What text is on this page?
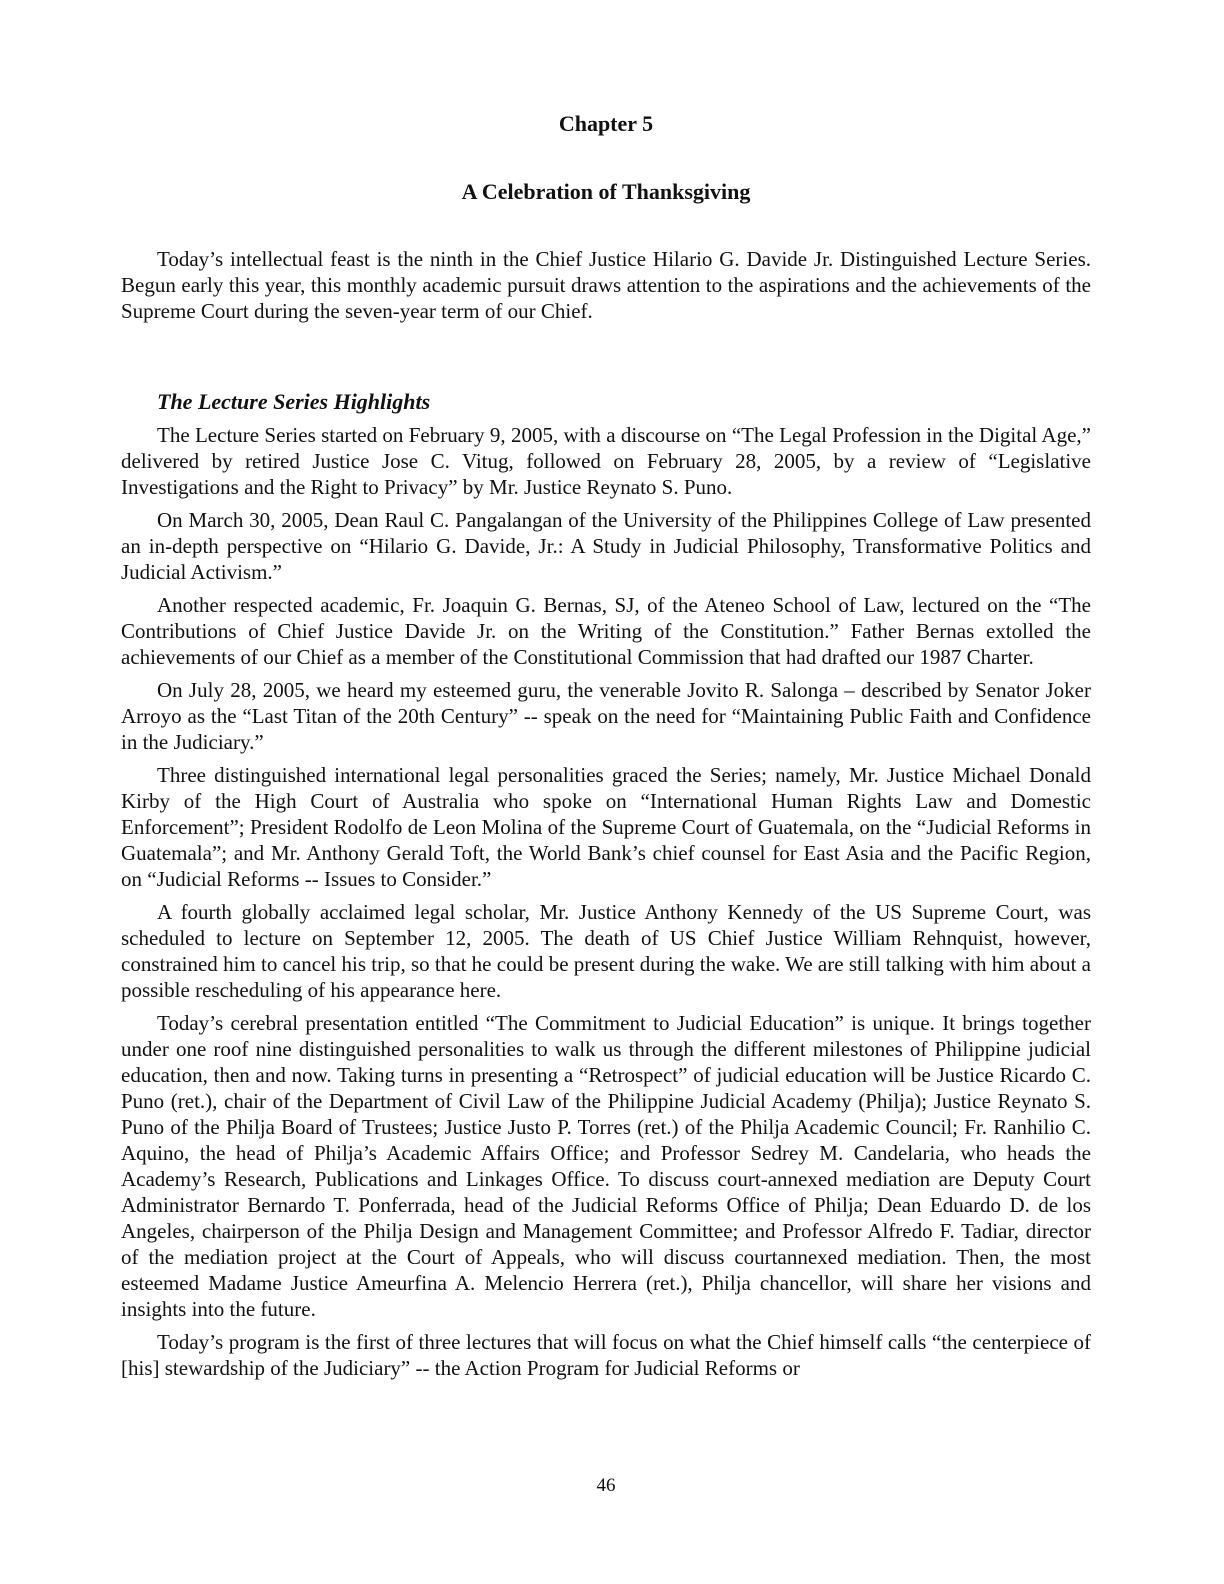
Chapter 5
A Celebration of Thanksgiving

Today’s intellectual feast is the ninth in the Chief Justice Hilario G. Davide Jr. Distinguished Lecture Series. Begun early this year, this monthly academic pursuit draws attention to the aspirations and the achievements of the Supreme Court during the seven-year term of our Chief.

The Lecture Series Highlights

The Lecture Series started on February 9, 2005, with a discourse on “The Legal Profession in the Digital Age,” delivered by retired Justice Jose C. Vitug, followed on February 28, 2005, by a review of “Legislative Investigations and the Right to Privacy” by Mr. Justice Reynato S. Puno.

On March 30, 2005, Dean Raul C. Pangalangan of the University of the Philippines College of Law presented an in-depth perspective on “Hilario G. Davide, Jr.: A Study in Judicial Philosophy, Transformative Politics and Judicial Activism.”

Another respected academic, Fr. Joaquin G. Bernas, SJ, of the Ateneo School of Law, lectured on the “The Contributions of Chief Justice Davide Jr. on the Writing of the Constitution.” Father Bernas extolled the achievements of our Chief as a member of the Constitutional Commission that had drafted our 1987 Charter.

On July 28, 2005, we heard my esteemed guru, the venerable Jovito R. Salonga – described by Senator Joker Arroyo as the “Last Titan of the 20th Century” -- speak on the need for “Maintaining Public Faith and Confidence in the Judiciary.”

Three distinguished international legal personalities graced the Series; namely, Mr. Justice Michael Donald Kirby of the High Court of Australia who spoke on “International Human Rights Law and Domestic Enforcement”; President Rodolfo de Leon Molina of the Supreme Court of Guatemala, on the “Judicial Reforms in Guatemala”; and Mr. Anthony Gerald Toft, the World Bank’s chief counsel for East Asia and the Pacific Region, on “Judicial Reforms -- Issues to Consider.”

A fourth globally acclaimed legal scholar, Mr. Justice Anthony Kennedy of the US Supreme Court, was scheduled to lecture on September 12, 2005. The death of US Chief Justice William Rehnquist, however, constrained him to cancel his trip, so that he could be present during the wake. We are still talking with him about a possible rescheduling of his appearance here.

Today’s cerebral presentation entitled “The Commitment to Judicial Education” is unique. It brings together under one roof nine distinguished personalities to walk us through the different milestones of Philippine judicial education, then and now. Taking turns in presenting a “Retrospect” of judicial education will be Justice Ricardo C. Puno (ret.), chair of the Department of Civil Law of the Philippine Judicial Academy (Philja); Justice Reynato S. Puno of the Philja Board of Trustees; Justice Justo P. Torres (ret.) of the Philja Academic Council; Fr. Ranhilio C. Aquino, the head of Philja’s Academic Affairs Office; and Professor Sedrey M. Candelaria, who heads the Academy’s Research, Publications and Linkages Office. To discuss court-annexed mediation are Deputy Court Administrator Bernardo T. Ponferrada, head of the Judicial Reforms Office of Philja; Dean Eduardo D. de los Angeles, chairperson of the Philja Design and Management Committee; and Professor Alfredo F. Tadiar, director of the mediation project at the Court of Appeals, who will discuss courtannexed mediation. Then, the most esteemed Madame Justice Ameurfina A. Melencio Herrera (ret.), Philja chancellor, will share her visions and insights into the future.

Today’s program is the first of three lectures that will focus on what the Chief himself calls “the centerpiece of [his] stewardship of the Judiciary” -- the Action Program for Judicial Reforms or

46
